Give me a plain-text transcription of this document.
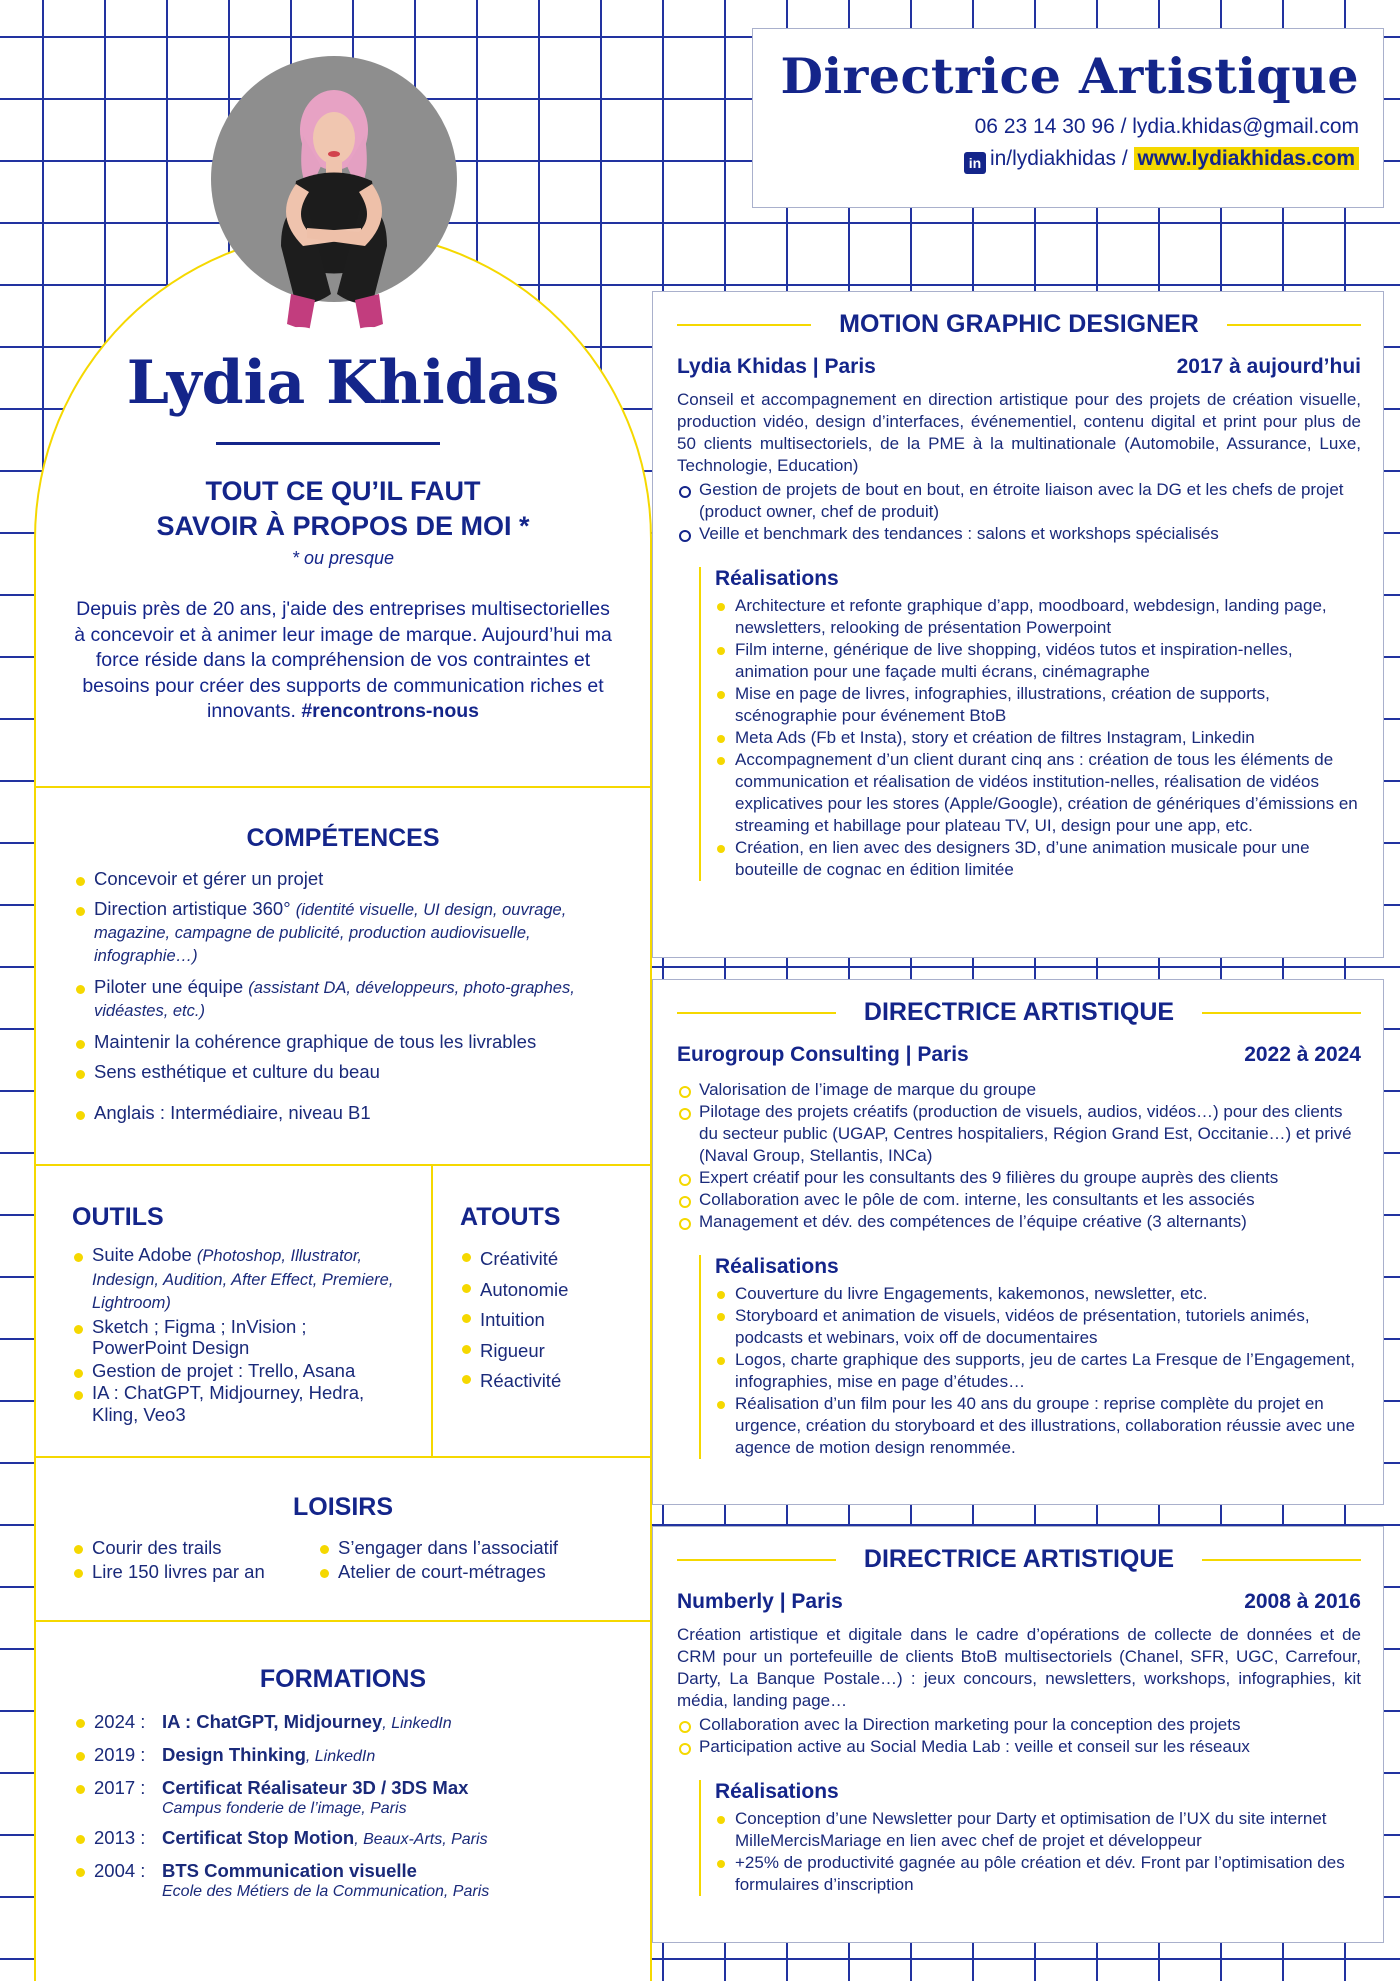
Directrice Artistique
06 23 14 30 96 / lydia.khidas@gmail.com
in in/lydiakhidas / www.lydiakhidas.com
Lydia Khidas
TOUT CE QU’IL FAUT
SAVOIR À PROPOS DE MOI *
* ou presque
Depuis près de 20 ans, j'aide des entreprises multisectorielles à concevoir et à animer leur image de marque. Aujourd’hui ma force réside dans la compréhension de vos contraintes et besoins pour créer des supports de communication riches et innovants. #rencontrons-nous
COMPÉTENCES
Concevoir et gérer un projet
Direction artistique 360° (identité visuelle, UI design, ouvrage, magazine, campagne de publicité, production audiovisuelle, infographie…)
Piloter une équipe (assistant DA, développeurs, photo-graphes, vidéastes, etc.)
Maintenir la cohérence graphique de tous les livrables
Sens esthétique et culture du beau
Anglais : Intermédiaire, niveau B1
OUTILS
Suite Adobe (Photoshop, Illustrator, Indesign, Audition, After Effect, Premiere, Lightroom)
Sketch ; Figma ; InVision ; PowerPoint Design
Gestion de projet : Trello, Asana
IA : ChatGPT, Midjourney, Hedra, Kling, Veo3
ATOUTS
Créativité
Autonomie
Intuition
Rigueur
Réactivité
LOISIRS
Courir des trails
Lire 150 livres par an
S’engager dans l’associatif
Atelier de court-métrages
FORMATIONS
2024 : IA : ChatGPT, Midjourney, LinkedIn
2019 : Design Thinking, LinkedIn
2017 : Certificat Réalisateur 3D / 3DS Max
Campus fonderie de l’image, Paris
2013 : Certificat Stop Motion, Beaux-Arts, Paris
2004 : BTS Communication visuelle
Ecole des Métiers de la Communication, Paris
MOTION GRAPHIC DESIGNER
Lydia Khidas | Paris	2017 à aujourd’hui

Conseil et accompagnement en direction artistique pour des projets de création visuelle, production vidéo, design d’interfaces, événementiel, contenu digital et print pour plus de 50 clients multisectoriels, de la PME à la multinationale (Automobile, Assurance, Luxe, Technologie, Education)

Gestion de projets de bout en bout, en étroite liaison avec la DG et les chefs de projet (product owner, chef de produit)
Veille et benchmark des tendances : salons et workshops spécialisés
Réalisations
Architecture et refonte graphique d’app, moodboard, webdesign, landing page, newsletters, relooking de présentation Powerpoint
Film interne, générique de live shopping, vidéos tutos et inspiration-nelles, animation pour une façade multi écrans, cinémagraphe
Mise en page de livres, infographies, illustrations, création de supports, scénographie pour événement BtoB
Meta Ads (Fb et Insta), story et création de filtres Instagram, Linkedin
Accompagnement d’un client durant cinq ans : création de tous les éléments de communication et réalisation de vidéos institution-nelles, réalisation de vidéos explicatives pour les stores (Apple/Google), création de génériques d’émissions en streaming et habillage pour plateau TV, UI, design pour une app, etc.
Création, en lien avec des designers 3D, d’une animation musicale pour une bouteille de cognac en édition limitée
DIRECTRICE ARTISTIQUE
Eurogroup Consulting | Paris	2022 à 2024
Valorisation de l’image de marque du groupe
Pilotage des projets créatifs (production de visuels, audios, vidéos…) pour des clients du secteur public (UGAP, Centres hospitaliers, Région Grand Est, Occitanie…) et privé (Naval Group, Stellantis, INCa)
Expert créatif pour les consultants des 9 filières du groupe auprès des clients
Collaboration avec le pôle de com. interne, les consultants et les associés
Management et dév. des compétences de l’équipe créative (3 alternants)
Réalisations
Couverture du livre Engagements, kakemonos, newsletter, etc.
Storyboard et animation de visuels, vidéos de présentation, tutoriels animés, podcasts et webinars, voix off de documentaires
Logos, charte graphique des supports, jeu de cartes La Fresque de l’Engagement, infographies, mise en page d’études…
Réalisation d’un film pour les 40 ans du groupe : reprise complète du projet en urgence, création du storyboard et des illustrations, collaboration réussie avec une agence de motion design renommée.
DIRECTRICE ARTISTIQUE
Numberly | Paris	2008 à 2016

Création artistique et digitale dans le cadre d’opérations de collecte de données et de CRM pour un portefeuille de clients BtoB multisectoriels (Chanel, SFR, UGC, Carrefour, Darty, La Banque Postale…) : jeux concours, newsletters, workshops, infographies, kit média, landing page…

Collaboration avec la Direction marketing pour la conception des projets
Participation active au Social Media Lab : veille et conseil sur les réseaux
Réalisations
Conception d’une Newsletter pour Darty et optimisation de l’UX du site internet MilleMercisMariage en lien avec chef de projet et développeur
+25% de productivité gagnée au pôle création et dév. Front par l’optimisation des formulaires d’inscription
